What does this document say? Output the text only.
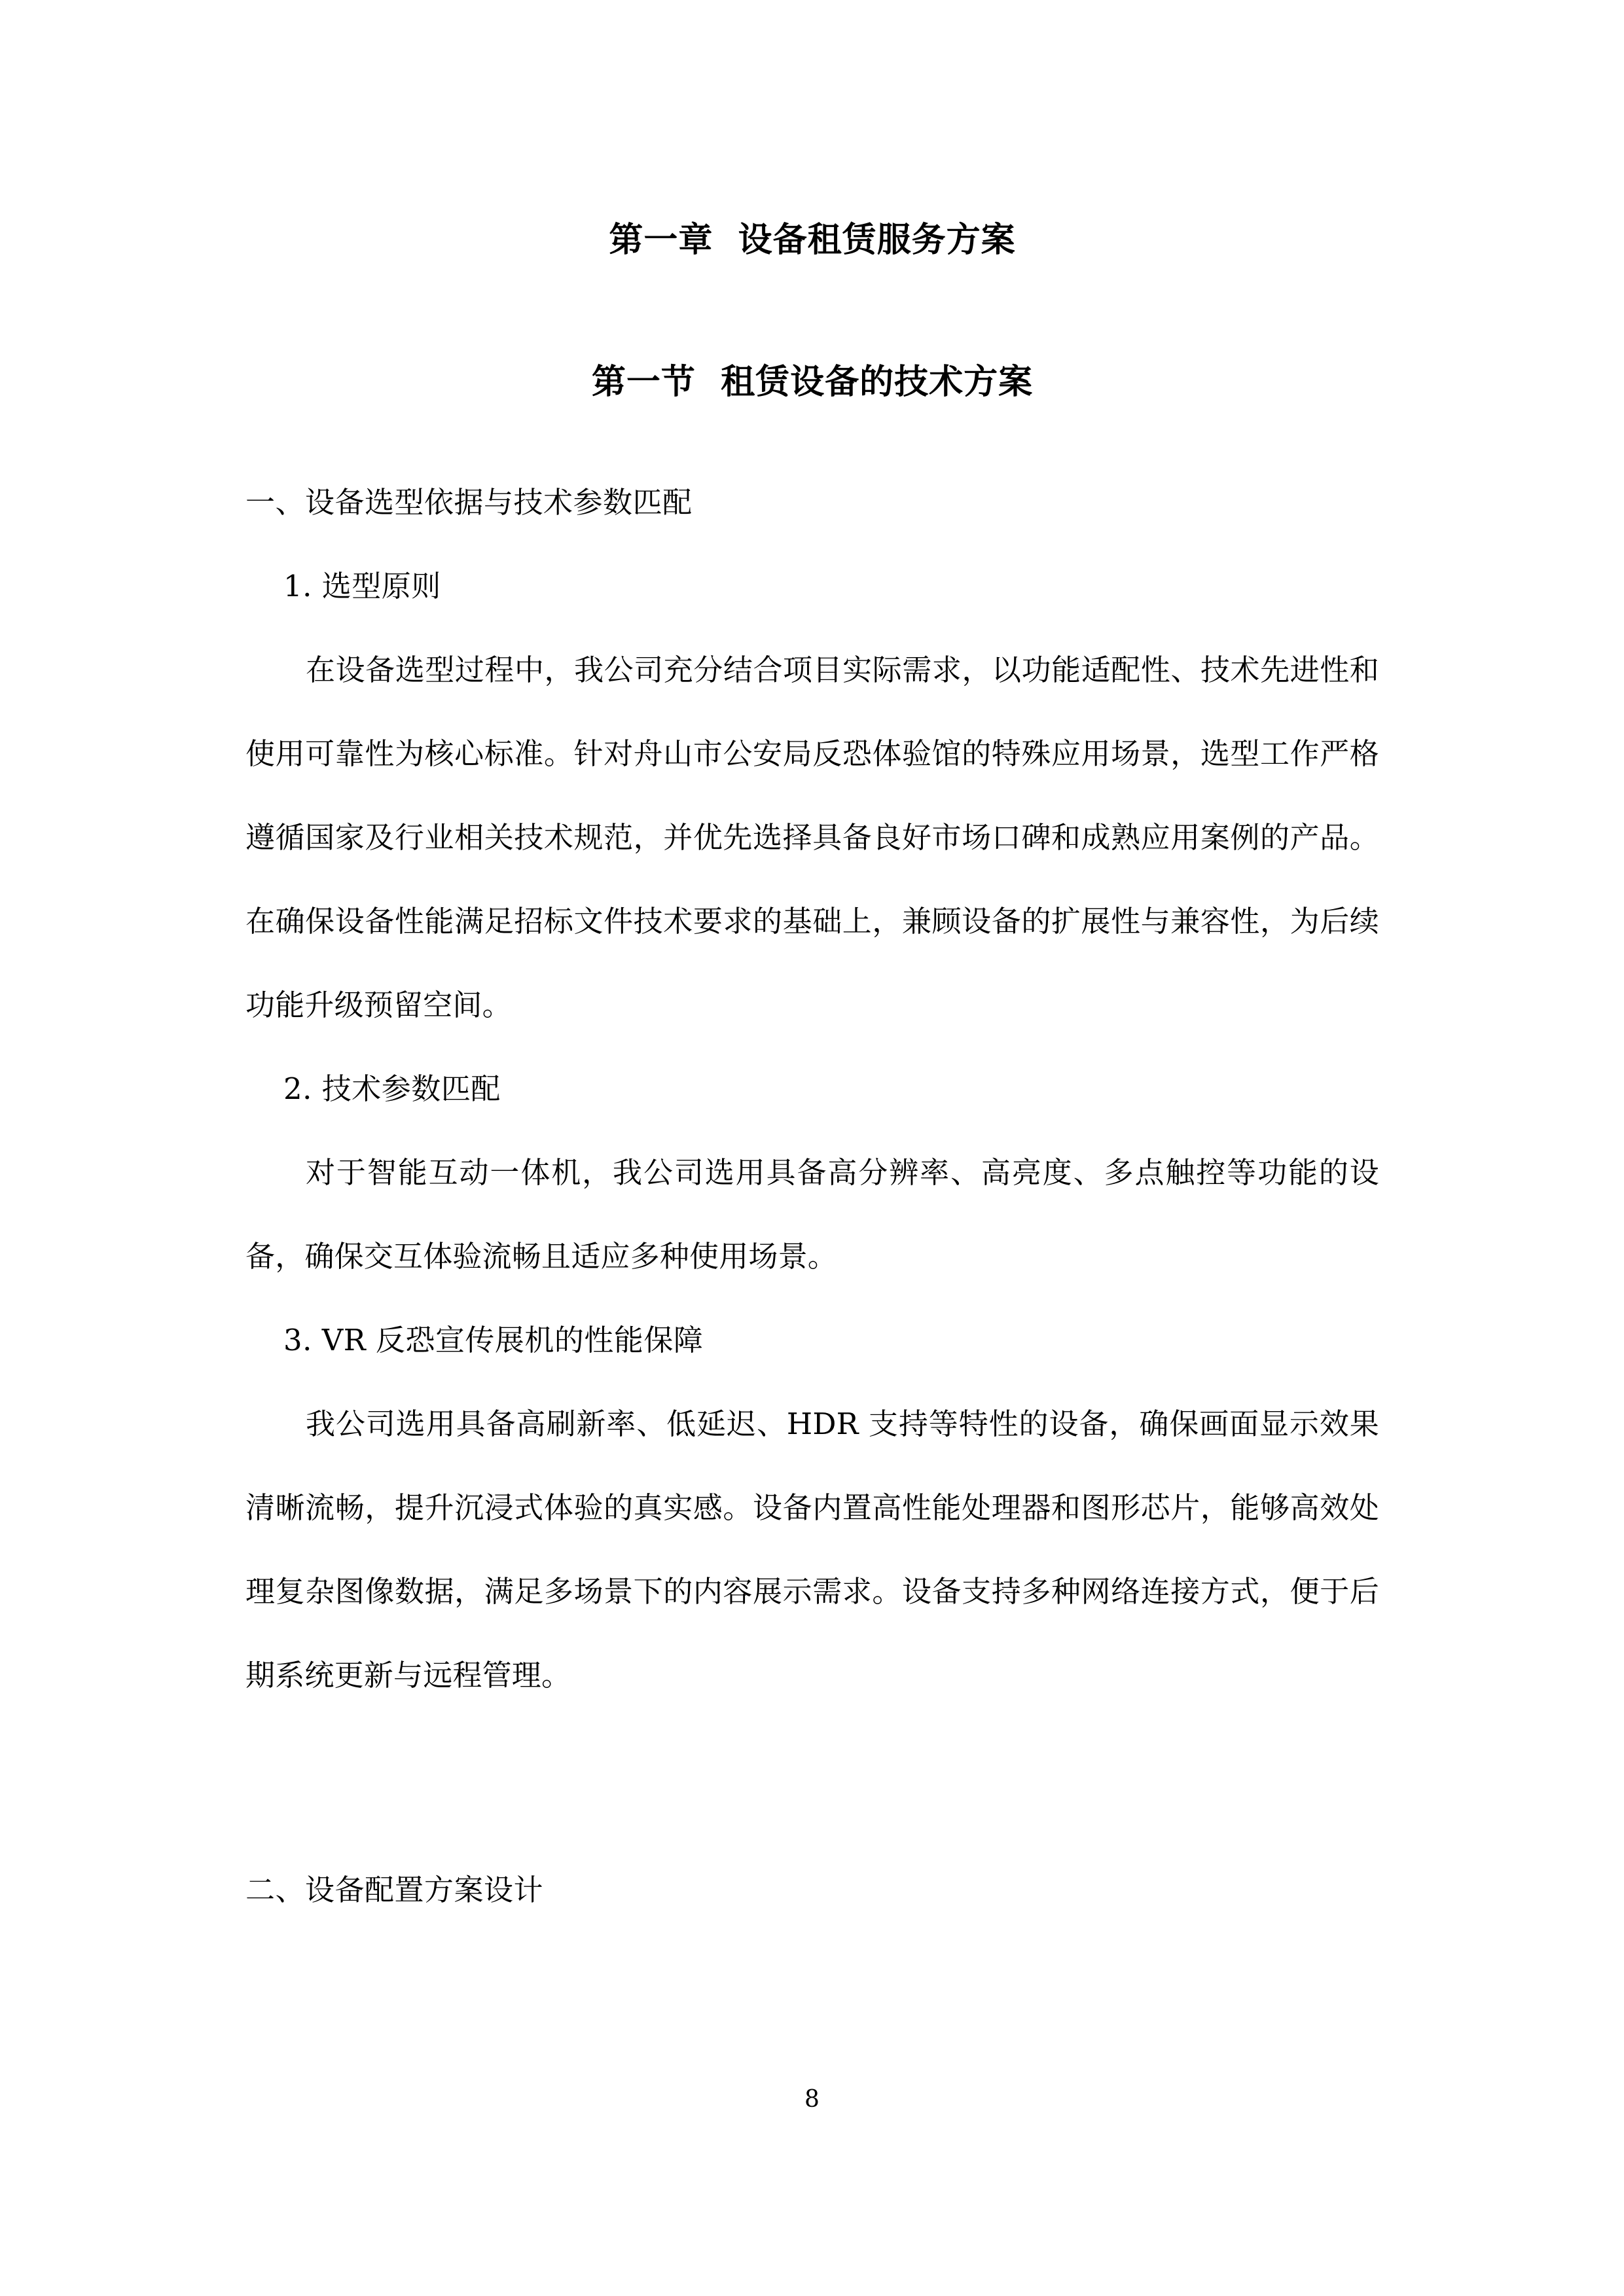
第一章  设备租赁服务方案
第一节  租赁设备的技术方案

一、设备选型依据与技术参数匹配

1. 选型原则

在设备选型过程中，我公司充分结合项目实际需求，以功能适配性、技术先进性和使用可靠性为核心标准。针对舟山市公安局反恐体验馆的特殊应用场景，选型工作严格遵循国家及行业相关技术规范，并优先选择具备良好市场口碑和成熟应用案例的产品。在确保设备性能满足招标文件技术要求的基础上，兼顾设备的扩展性与兼容性，为后续功能升级预留空间。

2. 技术参数匹配

对于智能互动一体机，我公司选用具备高分辨率、高亮度、多点触控等功能的设备，确保交互体验流畅且适应多种使用场景。

3. VR 反恐宣传展机的性能保障

我公司选用具备高刷新率、低延迟、HDR 支持等特性的设备，确保画面显示效果清晰流畅，提升沉浸式体验的真实感。设备内置高性能处理器和图形芯片，能够高效处理复杂图像数据，满足多场景下的内容展示需求。设备支持多种网络连接方式，便于后期系统更新与远程管理。

二、设备配置方案设计

8
